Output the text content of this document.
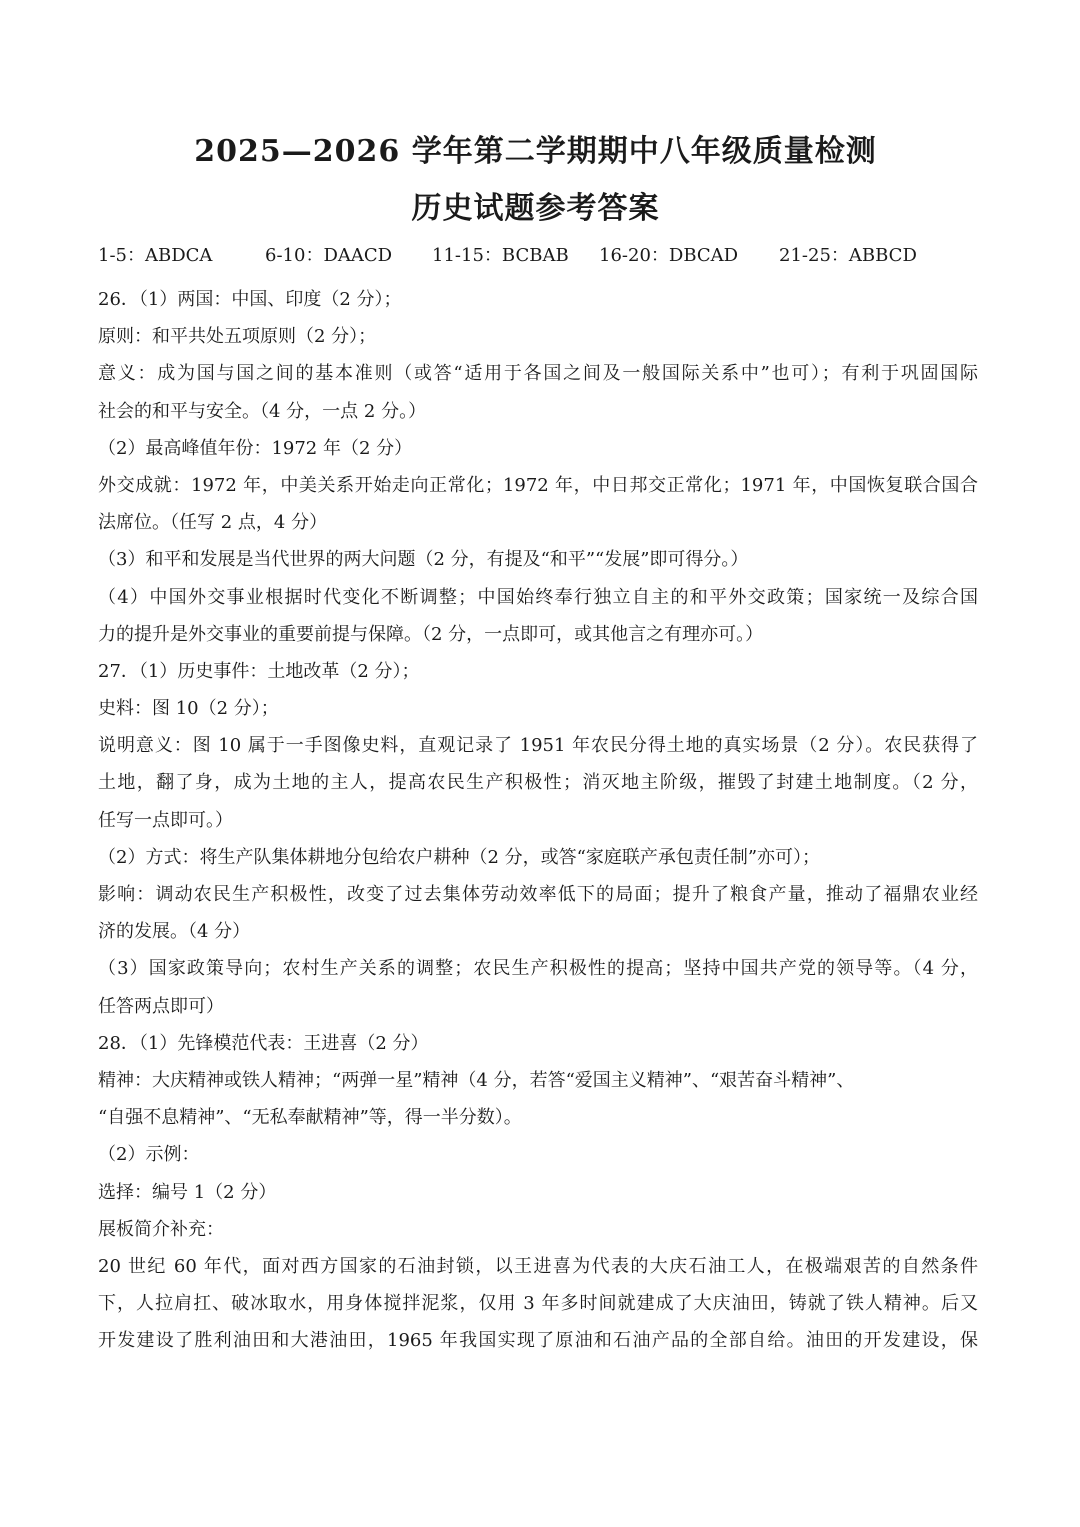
2025—2026 学年第二学期期中八年级质量检测
历史试题参考答案
1-5：ABDCA	6-10：DAACD	11-15：BCBAB	16-20：DBCAD	21-25：ABBCD
26．（1）两国：中国、印度（2 分）；
原则：和平共处五项原则（2 分）；
意义：成为国与国之间的基本准则（或答“适用于各国之间及一般国际关系中”也可）；有利于巩固国际
社会的和平与安全。（4 分，一点 2 分。）
（2）最高峰值年份：1972 年（2 分）
外交成就：1972 年，中美关系开始走向正常化；1972 年，中日邦交正常化；1971 年，中国恢复联合国合
法席位。（任写 2 点，4 分）
（3）和平和发展是当代世界的两大问题（2 分，有提及“和平”“发展”即可得分。）
（4）中国外交事业根据时代变化不断调整；中国始终奉行独立自主的和平外交政策；国家统一及综合国
力的提升是外交事业的重要前提与保障。（2 分，一点即可，或其他言之有理亦可。）
27．（1）历史事件：土地改革（2 分）；
史料：图 10（2 分）；
说明意义：图 10 属于一手图像史料，直观记录了 1951 年农民分得土地的真实场景（2 分）。农民获得了
土地，翻了身，成为土地的主人，提高农民生产积极性；消灭地主阶级，摧毁了封建土地制度。（2 分，
任写一点即可。）
（2）方式：将生产队集体耕地分包给农户耕种（2 分，或答“家庭联产承包责任制”亦可）；
影响：调动农民生产积极性，改变了过去集体劳动效率低下的局面；提升了粮食产量，推动了福鼎农业经
济的发展。（4 分）
（3）国家政策导向；农村生产关系的调整；农民生产积极性的提高；坚持中国共产党的领导等。（4 分，
任答两点即可）
28．（1）先锋模范代表：王进喜（2 分）
精神：大庆精神或铁人精神；“两弹一星”精神（4 分，若答“爱国主义精神”、“艰苦奋斗精神”、
“自强不息精神”、“无私奉献精神”等，得一半分数）。
（2）示例：
选择：编号 1（2 分）
展板简介补充：
20 世纪 60 年代，面对西方国家的石油封锁，以王进喜为代表的大庆石油工人，在极端艰苦的自然条件
下，人拉肩扛、破冰取水，用身体搅拌泥浆，仅用 3 年多时间就建成了大庆油田，铸就了铁人精神。后又
开发建设了胜利油田和大港油田，1965 年我国实现了原油和石油产品的全部自给。油田的开发建设，保
